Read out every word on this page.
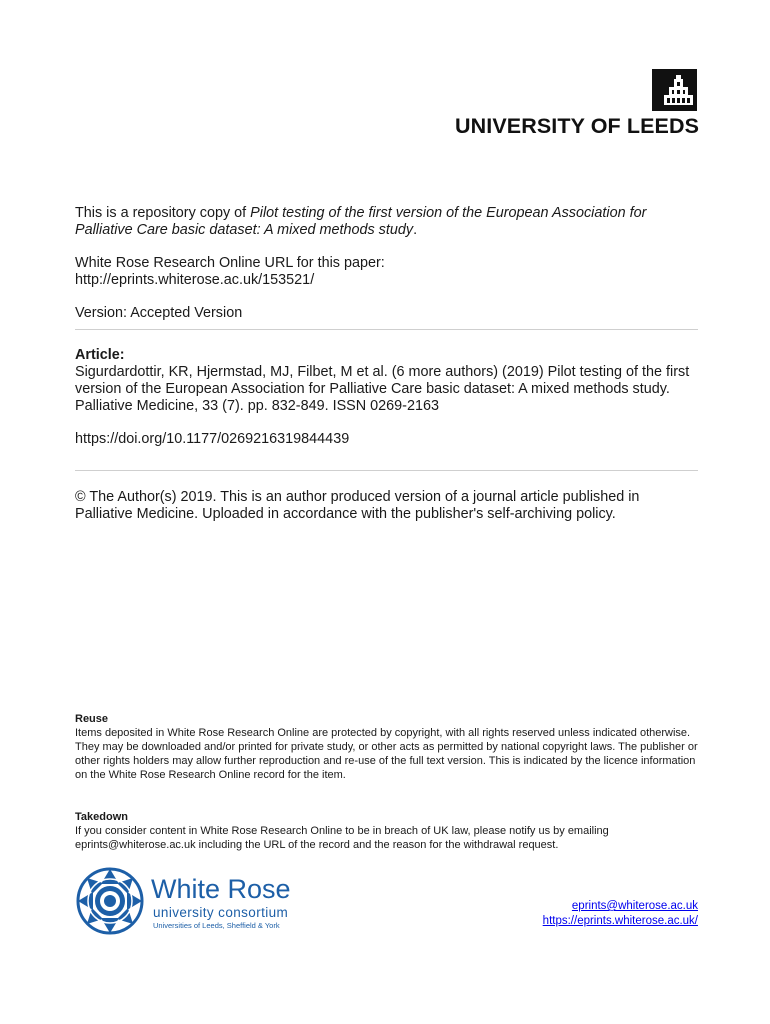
UNIVERSITY OF LEEDS

This is a repository copy of Pilot testing of the first version of the European Association for Palliative Care basic dataset: A mixed methods study.

White Rose Research Online URL for this paper:

http://eprints.whiterose.ac.uk/153521/

Version: Accepted Version

Article:

Sigurdardottir, KR, Hjermstad, MJ, Filbet, M et al. (6 more authors) (2019) Pilot testing of the first version of the European Association for Palliative Care basic dataset: A mixed methods study. Palliative Medicine, 33 (7). pp. 832-849. ISSN 0269-2163

https://doi.org/10.1177/0269216319844439
© The Author(s) 2019. This is an author produced version of a journal article published in Palliative Medicine. Uploaded in accordance with the publisher's self-archiving policy.

Reuse

Items deposited in White Rose Research Online are protected by copyright, with all rights reserved unless indicated otherwise. They may be downloaded and/or printed for private study, or other acts as permitted by national copyright laws. The publisher or other rights holders may allow further reproduction and re-use of the full text version. This is indicated by the licence information on the White Rose Research Online record for the item.

Takedown

If you consider content in White Rose Research Online to be in breach of UK law, please notify us by emailing eprints@whiterose.ac.uk including the URL of the record and the reason for the withdrawal request.

White Rose
university consortium
Universities of Leeds, Sheffield & York
eprints@whiterose.ac.uk
https://eprints.whiterose.ac.uk/
